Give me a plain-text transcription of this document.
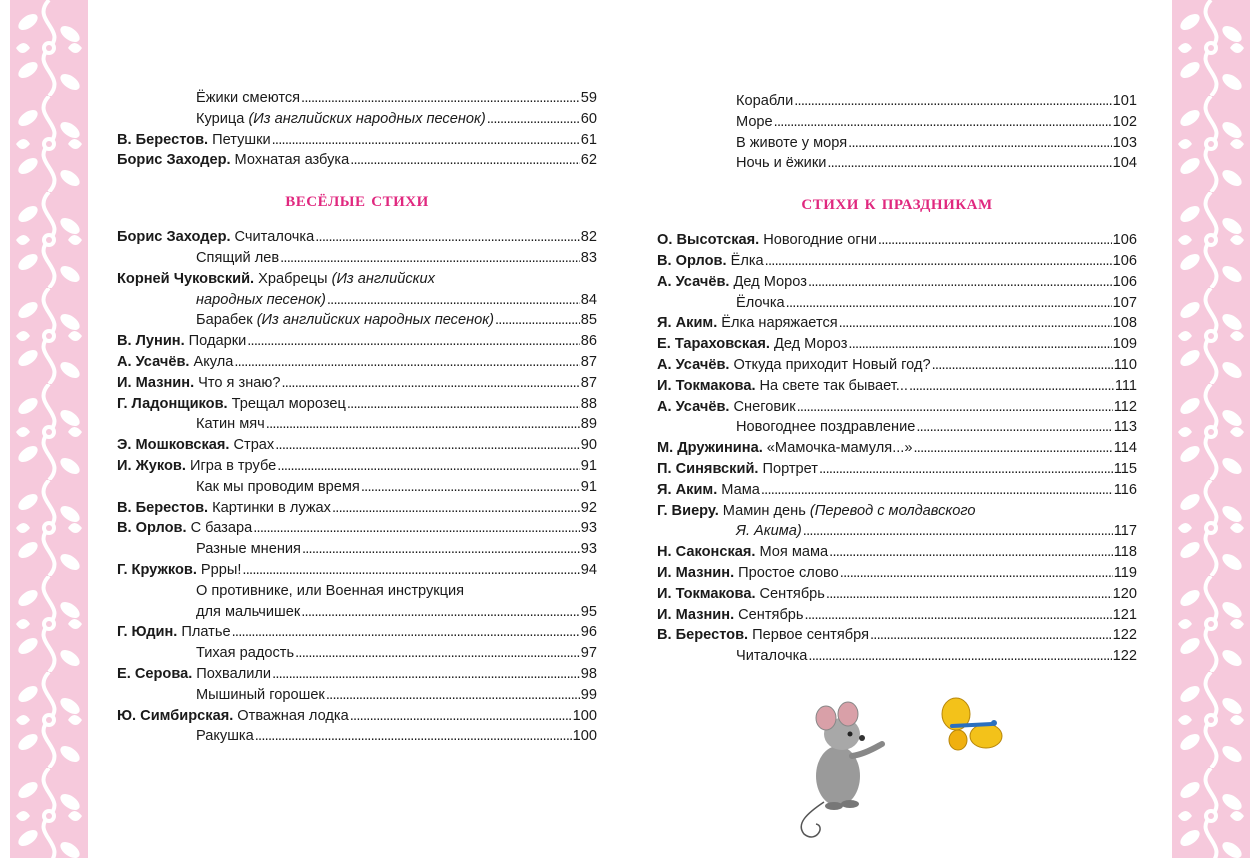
Ёжики смеются . . .	59
Курица (Из английских народных песенок) . . .	60
В. Берестов. Петушки . . .	61
Борис Заходер. Мохнатая азбука . . .	62
весёлые стихи
Борис Заходер. Считалочка . . .	82
Спящий лев . . .	83
Корней Чуковский. Храбрецы (Из английских
народных песенок) . . .	84
Барабек (Из английских народных песенок) . . .	85
В. Лунин. Подарки . . .	86
А. Усачёв. Акула . . .	87
И. Мазнин. Что я знаю? . . .	87
Г. Ладонщиков. Трещал морозец . . .	88
Катин мяч . . .	89
Э. Мошковская. Страх . . .	90
И. Жуков. Игра в трубе . . .	91
Как мы проводим время . . .	91
В. Берестов. Картинки в лужах . . .	92
В. Орлов. С базара . . .	93
Разные мнения . . .	93
Г. Кружков. Ррры! . . .	94
О противнике, или Военная инструкция
для мальчишек . . .	95
Г. Юдин. Платье . . .	96
Тихая радость . . .	97
Е. Серова. Похвалили . . .	98
Мышиный горошек . . .	99
Ю. Симбирская. Отважная лодка . . .	100
Ракушка . . .	100
Корабли . . .	101
Море . . .	102
В животе у моря . . .	103
Ночь и ёжики . . .	104
стихи к праздникам
О. Высотская. Новогодние огни . . .	106
В. Орлов. Ёлка . . .	106
А. Усачёв. Дед Мороз . . .	106
Ёлочка . . .	107
Я. Аким. Ёлка наряжается . . .	108
Е. Тараховская. Дед Мороз . . .	109
А. Усачёв. Откуда приходит Новый год? . . .	110
И. Токмакова. На свете так бывает... . . .	111
А. Усачёв. Снеговик . . .	112
Новогоднее поздравление . . .	113
М. Дружинина. «Мамочка-мамуля...» . . .	114
П. Синявский. Портрет . . .	115
Я. Аким. Мама . . .	116
Г. Виеру. Мамин день (Перевод с молдавского
Я. Акима) . . .	117
Н. Саконская. Моя мама . . .	118
И. Мазнин. Простое слово . . .	119
И. Токмакова. Сентябрь . . .	120
И. Мазнин. Сентябрь . . .	121
В. Берестов. Первое сентября . . .	122
Читалочка . . .	122
